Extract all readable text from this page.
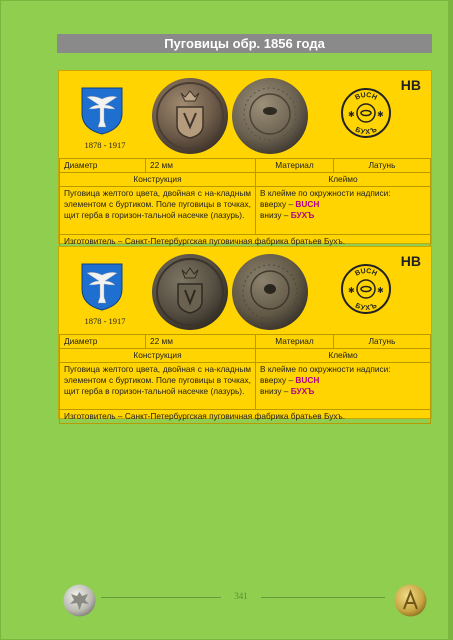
Пуговицы обр. 1856 года
1878 - 1917
BUCH
БУХЪ
✱	✱
НВ
Диаметр	22 мм	Материал	Латунь
Конструкция		Клеймо	
Пуговица желтого цвета, двойная с на-кладным элементом с буртиком. Поле пуговицы в точках, щит герба в горизон-тальной насечке (лазурь).		В клейме по окружности надписи:
вверху – BUCH
внизу – БУХЪ	

Изготовитель – Санкт-Петербургская пуговичная фабрика братьев Бухъ.			
1878 - 1917
BUCH
БУХЪ
✱	✱
НВ
Диаметр	22 мм	Материал	Латунь
Конструкция		Клеймо	
Пуговица желтого цвета, двойная с на-кладным элементом с буртиком. Поле пуговицы в точках, щит герба в горизон-тальной насечке (лазурь).		В клейме по окружности надписи:
вверху – BUCH
внизу – БУХЪ	

Изготовитель – Санкт-Петербургская пуговичная фабрика братьев Бухъ.			
341
